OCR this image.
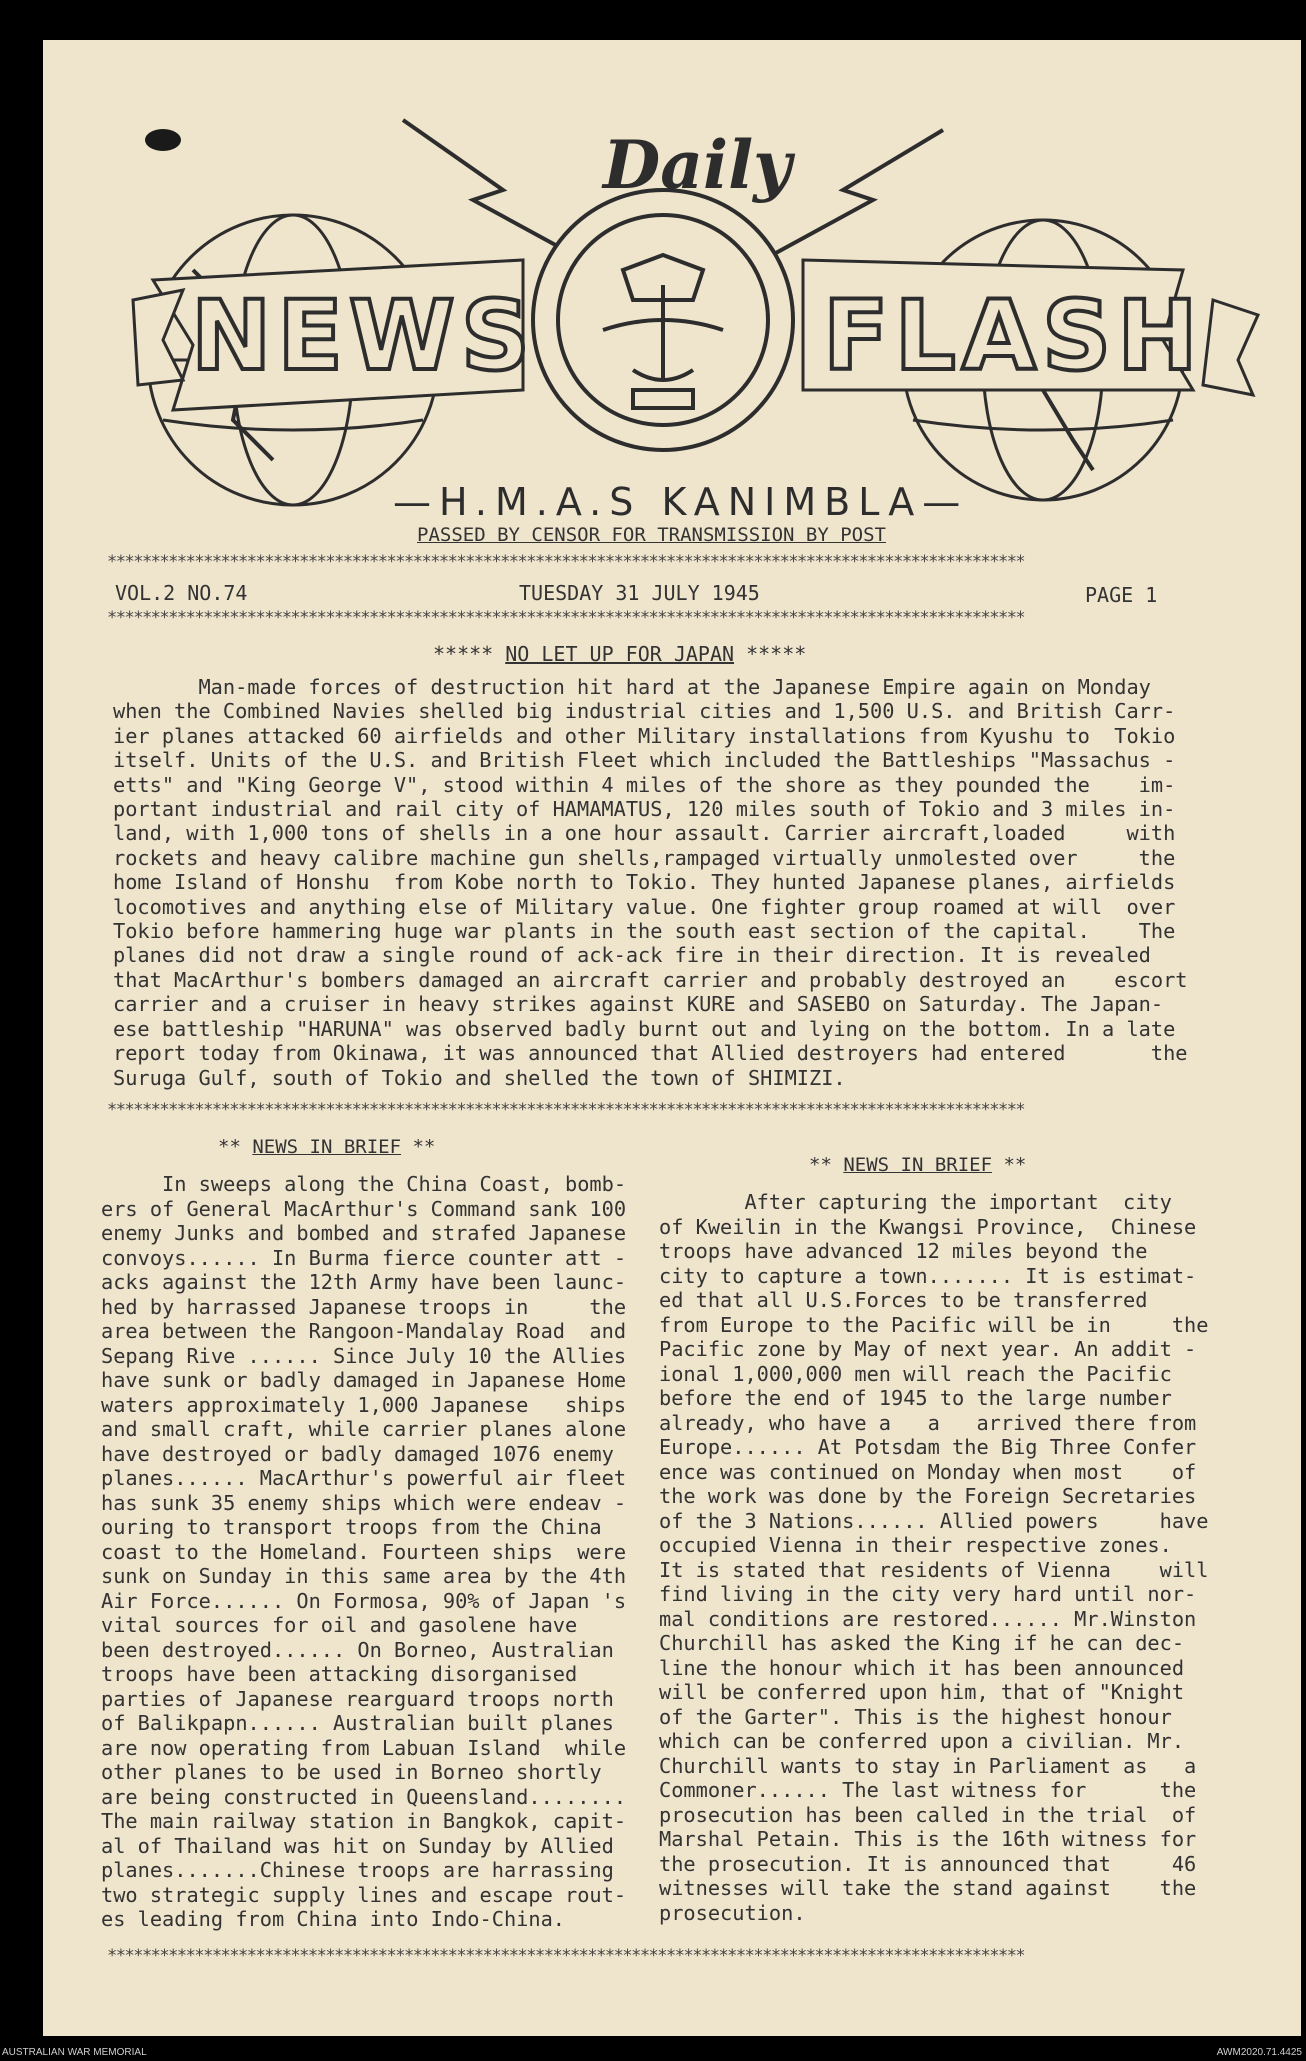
Daily
NEWS	FLASH
—H.M.A.S KANIMBLA—
PASSED BY CENSOR FOR TRANSMISSION BY POST
*********************************************************************************************************
VOL.2 NO.74	TUESDAY 31 JULY 1945	PAGE 1
*********************************************************************************************************
***** NO LET UP FOR JAPAN *****
Man-made forces of destruction hit hard at the Japanese Empire again on Monday
when the Combined Navies shelled big industrial cities and 1,500 U.S. and British Carr-
ier planes attacked 60 airfields and other Military installations from Kyushu to  Tokio
itself. Units of the U.S. and British Fleet which included the Battleships "Massachus -
etts" and "King George V", stood within 4 miles of the shore as they pounded the    im-
portant industrial and rail city of HAMAMATUS, 120 miles south of Tokio and 3 miles in-
land, with 1,000 tons of shells in a one hour assault. Carrier aircraft,loaded     with
rockets and heavy calibre machine gun shells,rampaged virtually unmolested over     the
home Island of Honshu  from Kobe north to Tokio. They hunted Japanese planes, airfields
locomotives and anything else of Military value. One fighter group roamed at will  over
Tokio before hammering huge war plants in the south east section of the capital.    The
planes did not draw a single round of ack-ack fire in their direction. It is revealed
that MacArthur's bombers damaged an aircraft carrier and probably destroyed an    escort
carrier and a cruiser in heavy strikes against KURE and SASEBO on Saturday. The Japan-
ese battleship "HARUNA" was observed badly burnt out and lying on the bottom. In a late
report today from Okinawa, it was announced that Allied destroyers had entered       the
Suruga Gulf, south of Tokio and shelled the town of SHIMIZI.
*********************************************************************************************************
** NEWS IN BRIEF **
In sweeps along the China Coast, bomb-
ers of General MacArthur's Command sank 100
enemy Junks and bombed and strafed Japanese
convoys...... In Burma fierce counter att -
acks against the 12th Army have been launc-
hed by harrassed Japanese troops in     the
area between the Rangoon-Mandalay Road  and
Sepang Rive ...... Since July 10 the Allies
have sunk or badly damaged in Japanese Home
waters approximately 1,000 Japanese   ships
and small craft, while carrier planes alone
have destroyed or badly damaged 1076 enemy
planes...... MacArthur's powerful air fleet
has sunk 35 enemy ships which were endeav -
ouring to transport troops from the China
coast to the Homeland. Fourteen ships  were
sunk on Sunday in this same area by the 4th
Air Force...... On Formosa, 90% of Japan 's
vital sources for oil and gasolene have
been destroyed...... On Borneo, Australian
troops have been attacking disorganised
parties of Japanese rearguard troops north
of Balikpapn...... Australian built planes
are now operating from Labuan Island  while
other planes to be used in Borneo shortly
are being constructed in Queensland........
The main railway station in Bangkok, capit-
al of Thailand was hit on Sunday by Allied
planes.......Chinese troops are harrassing
two strategic supply lines and escape rout-
es leading from China into Indo-China.
** NEWS IN BRIEF **
After capturing the important  city
of Kweilin in the Kwangsi Province,  Chinese
troops have advanced 12 miles beyond the
city to capture a town....... It is estimat-
ed that all U.S.Forces to be transferred
from Europe to the Pacific will be in     the
Pacific zone by May of next year. An addit -
ional 1,000,000 men will reach the Pacific
before the end of 1945 to the large number
already, who have a   a   arrived there from
Europe...... At Potsdam the Big Three Confer
ence was continued on Monday when most    of
the work was done by the Foreign Secretaries
of the 3 Nations...... Allied powers     have
occupied Vienna in their respective zones.
It is stated that residents of Vienna    will
find living in the city very hard until nor-
mal conditions are restored...... Mr.Winston
Churchill has asked the King if he can dec-
line the honour which it has been announced
will be conferred upon him, that of "Knight
of the Garter". This is the highest honour
which can be conferred upon a civilian. Mr.
Churchill wants to stay in Parliament as   a
Commoner...... The last witness for      the
prosecution has been called in the trial  of
Marshal Petain. This is the 16th witness for
the prosecution. It is announced that     46
witnesses will take the stand against    the
prosecution.
*********************************************************************************************************
AUSTRALIAN WAR MEMORIAL	AWM2020.71.4425
